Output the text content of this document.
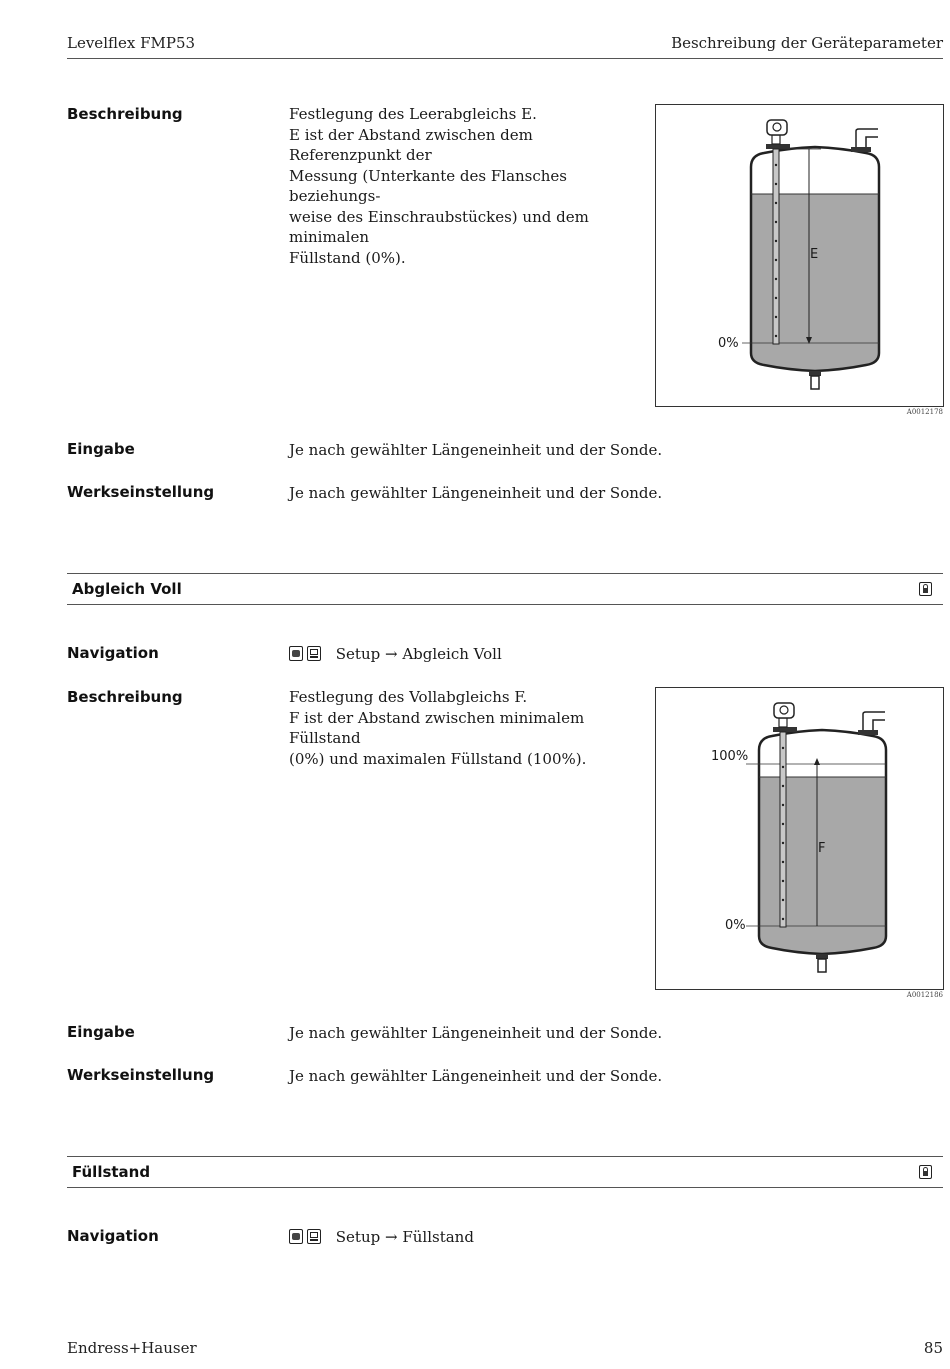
Levelflex FMP53	Beschreibung der Geräteparameter
Beschreibung	Festlegung des Leerabgleichs E.
E ist der Abstand zwischen dem Referenzpunkt der
Messung (Unterkante des Flansches beziehungs-
weise des Einschraubstückes) und dem minimalen
Füllstand (0%).	E
0%
A0012178
Eingabe	Je nach gewählter Längeneinheit und der Sonde.
Werkseinstellung	Je nach gewählter Längeneinheit und der Sonde.
Abgleich Voll
Navigation	Setup → Abgleich Voll
Beschreibung	Festlegung des Vollabgleichs F.
F ist der Abstand zwischen minimalem Füllstand
(0%) und maximalen Füllstand (100%).
F
100%
0%
A0012186
Eingabe	Je nach gewählter Längeneinheit und der Sonde.
Werkseinstellung	Je nach gewählter Längeneinheit und der Sonde.
Füllstand
Navigation	Setup → Füllstand
Endress+Hauser	85
